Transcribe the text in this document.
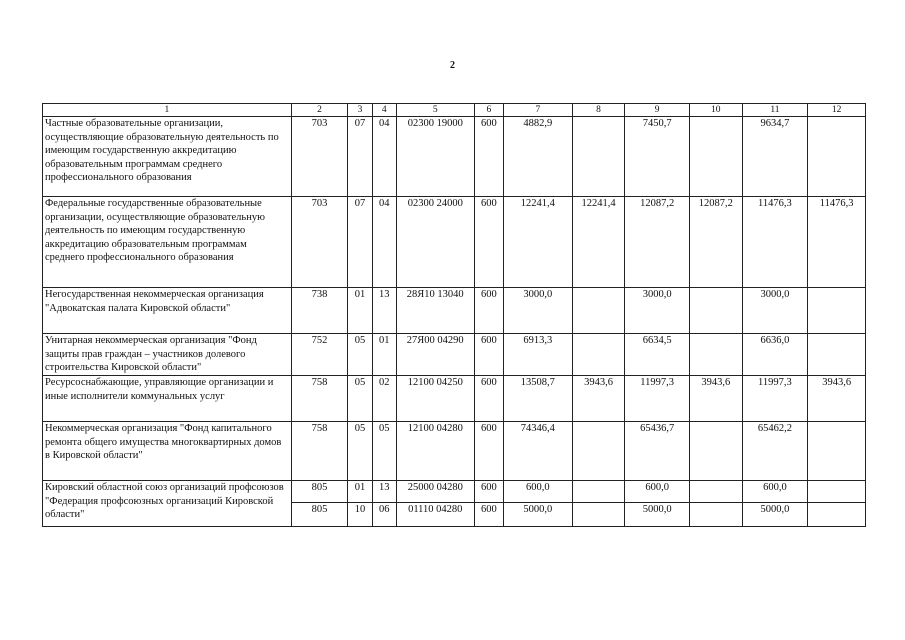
2
1	2	3	4	5	6	7	8	9	10	11	12
Частные образовательные организации, осуществляющие образовательную деятельность по имеющим государственную аккредитацию образовательным программам среднего профессионального образования	703	07	04	02300 19000	600	4882,9		7450,7		9634,7	
Федеральные государственные образовательные организации, осуществляющие образовательную деятельность по имеющим государственную аккредитацию образовательным программам среднего профессионального образования	703	07	04	02300 24000	600	12241,4	12241,4	12087,2	12087,2	11476,3	11476,3
Негосударственная некоммерческая организация "Адвокатская палата Кировской области"	738	01	13	28Я10 13040	600	3000,0		3000,0		3000,0	
Унитарная некоммерческая организация "Фонд защиты прав граждан – участников долевого строительства Кировской области"	752	05	01	27Я00 04290	600	6913,3		6634,5		6636,0	
Ресурсоснабжающие, управляющие организации и иные исполнители коммунальных услуг	758	05	02	12100 04250	600	13508,7	3943,6	11997,3	3943,6	11997,3	3943,6
Некоммерческая организация "Фонд капитального ремонта общего имущества многоквартирных домов в Кировской области"	758	05	05	12100 04280	600	74346,4		65436,7		65462,2	
Кировский областной союз организаций профсоюзов "Федерация профсоюзных организаций Кировской области"	805	01	13	25000 04280	600	600,0		600,0		600,0	
	805	10	06	01110 04280	600	5000,0		5000,0		5000,0	
